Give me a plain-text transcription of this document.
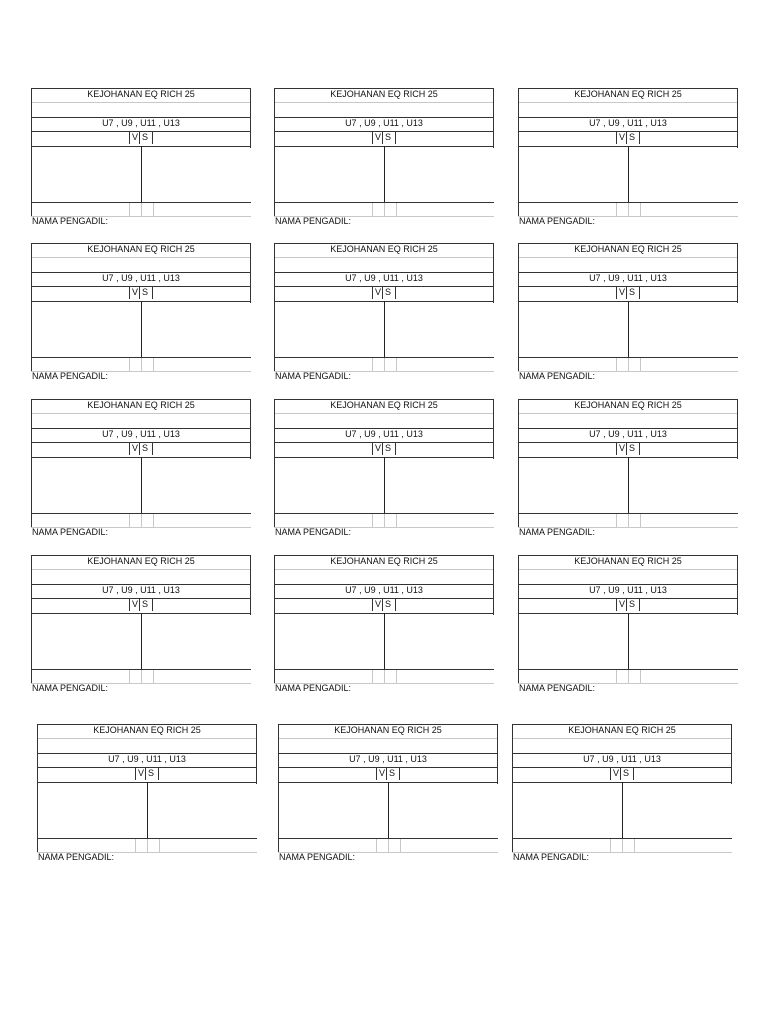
KEJOHANAN EQ RICH 25
U7 , U9 , U11 , U13
V S
NAMA PENGADIL:
KEJOHANAN EQ RICH 25
U7 , U9 , U11 , U13
V S
NAMA PENGADIL:
KEJOHANAN EQ RICH 25
U7 , U9 , U11 , U13
V S
NAMA PENGADIL:
KEJOHANAN EQ RICH 25
U7 , U9 , U11 , U13
V S
NAMA PENGADIL:
KEJOHANAN EQ RICH 25
U7 , U9 , U11 , U13
V S
NAMA PENGADIL:
KEJOHANAN EQ RICH 25
U7 , U9 , U11 , U13
V S
NAMA PENGADIL:
KEJOHANAN EQ RICH 25
U7 , U9 , U11 , U13
V S
NAMA PENGADIL:
KEJOHANAN EQ RICH 25
U7 , U9 , U11 , U13
V S
NAMA PENGADIL:
KEJOHANAN EQ RICH 25
U7 , U9 , U11 , U13
V S
NAMA PENGADIL:
KEJOHANAN EQ RICH 25
U7 , U9 , U11 , U13
V S
NAMA PENGADIL:
KEJOHANAN EQ RICH 25
U7 , U9 , U11 , U13
V S
NAMA PENGADIL:
KEJOHANAN EQ RICH 25
U7 , U9 , U11 , U13
V S
NAMA PENGADIL:
KEJOHANAN EQ RICH 25
U7 , U9 , U11 , U13
V S
NAMA PENGADIL:
KEJOHANAN EQ RICH 25
U7 , U9 , U11 , U13
V S
NAMA PENGADIL:
KEJOHANAN EQ RICH 25
U7 , U9 , U11 , U13
V S
NAMA PENGADIL:
